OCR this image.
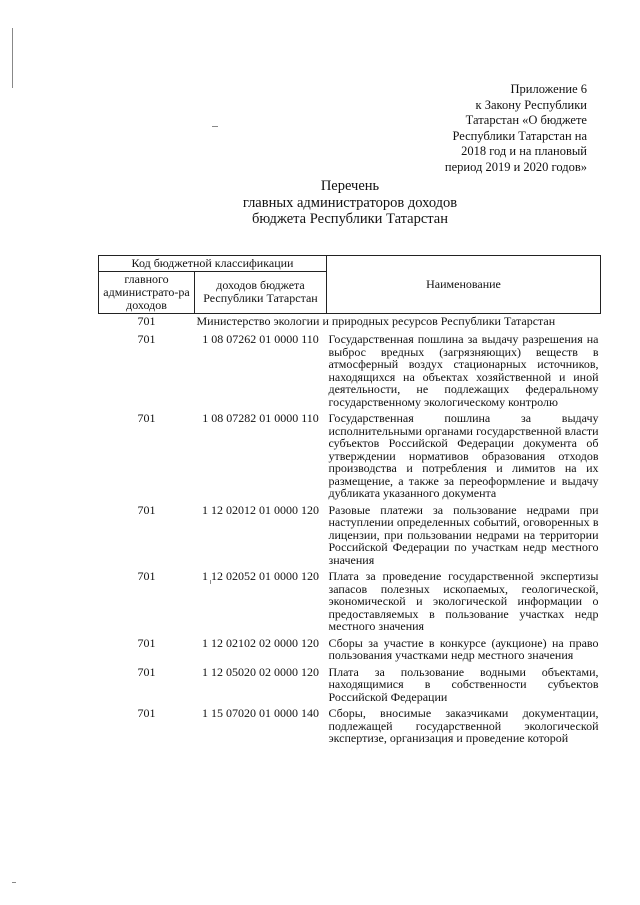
Приложение 6
к Закону Республики
Татарстан «О бюджете
Республики Татарстан на
2018 год и на плановый
период 2019 и 2020 годов»
Перечень
главных администраторов доходов
бюджета Республики Татарстан
Код бюджетной классификации		Наименование
главного администрато-ра доходов	доходов бюджета Республики Татарстан	
701	Министерство экологии и природных ресурсов Республики Татарстан	
701	1 08 07262 01 0000 110	Государственная пошлина за выдачу разрешения на выброс вредных (загрязняющих) веществ в атмосферный воздух стационарных источников, находящихся на объектах хозяйственной и иной деятельности, не подлежащих федеральному государственному экологическому контролю
701	1 08 07282 01 0000 110	Государственная пошлина за выдачу исполнительными органами государственной власти субъектов Российской Федерации документа об утверждении нормативов образования отходов производства и потребления и лимитов на их размещение, а также за переоформление и выдачу дубликата указанного документа
701	1 12 02012 01 0000 120	Разовые платежи за пользование недрами при наступлении определенных событий, оговоренных в лицензии, при пользовании недрами на территории Российской Федерации по участкам недр местного значения
701	1 12 02052 01 0000 120	Плата за проведение государственной экспертизы запасов полезных ископаемых, геологической, экономической и экологической информации о предоставляемых в пользование участках недр местного значения
701	1 12 02102 02 0000 120	Сборы за участие в конкурсе (аукционе) на право пользования участками недр местного значения
701	1 12 05020 02 0000 120	Плата за пользование водными объектами, находящимися в собственности субъектов Российской Федерации
701	1 15 07020 01 0000 140	Сборы, вносимые заказчиками документации, подлежащей государственной экологической экспертизе, организация и проведение которой
